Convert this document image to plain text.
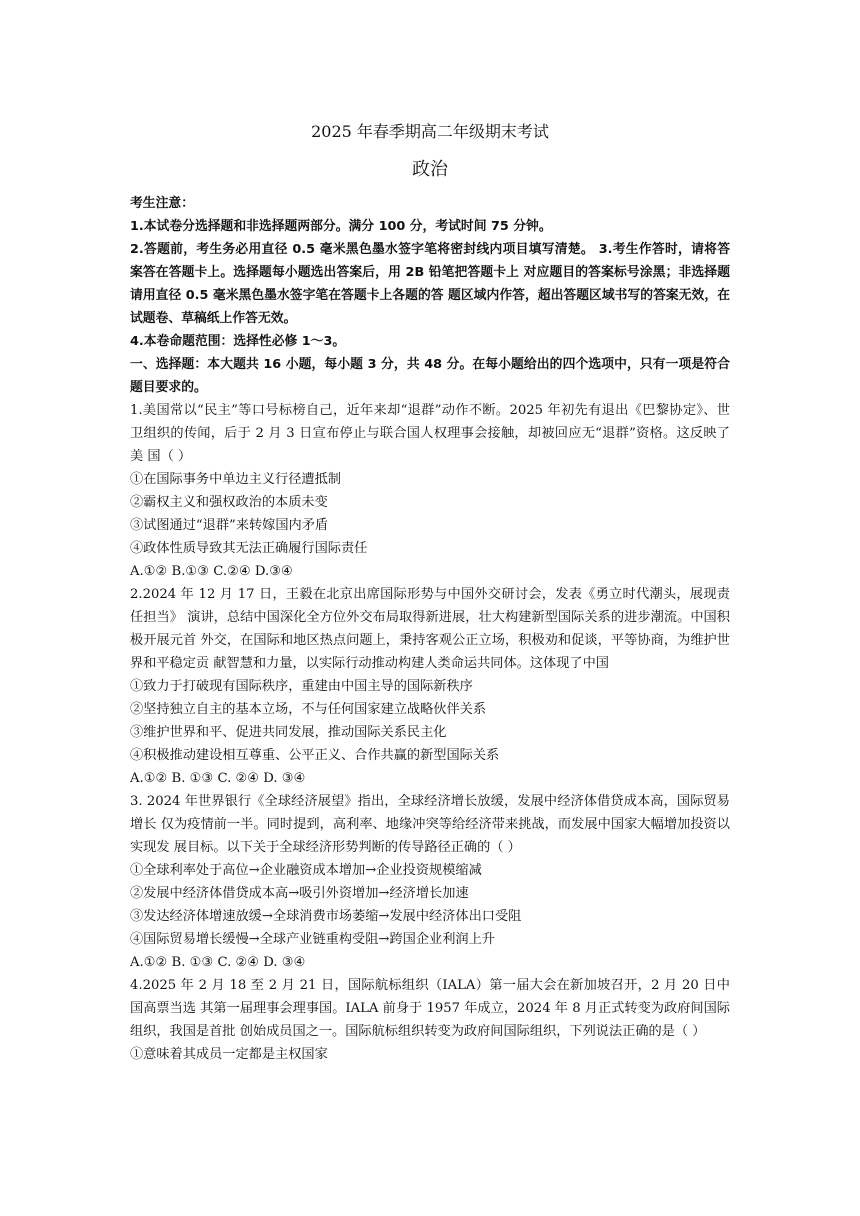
2025 年春季期高二年级期末考试
政治
考生注意：
1.本试卷分选择题和非选择题两部分。满分 100 分，考试时间 75 分钟。
2.答题前，考生务必用直径 0.5 毫米黑色墨水签字笔将密封线内项目填写清楚。 3.考生作答时，请将答案答在答题卡上。选择题每小题选出答案后，用 2B 铅笔把答题卡上 对应题目的答案标号涂黑；非选择题请用直径 0.5 毫米黑色墨水签字笔在答题卡上各题的答 题区域内作答，超出答题区域书写的答案无效，在试题卷、草稿纸上作答无效。
4.本卷命题范围：选择性必修 1～3。
一、选择题：本大题共 16 小题，每小题 3 分，共 48 分。在每小题给出的四个选项中，只有一项是符合题目要求的。
1.美国常以“民主”等口号标榜自己，近年来却“退群”动作不断。2025 年初先有退出《巴黎协定》、世 卫组织的传闻，后于 2 月 3 日宣布停止与联合国人权理事会接触，却被回应无“退群”资格。这反映了美 国（ ）
①在国际事务中单边主义行径遭抵制
②霸权主义和强权政治的本质未变
③试图通过“退群”来转嫁国内矛盾
④政体性质导致其无法正确履行国际责任
A.①② B.①③ C.②④ D.③④
2.2024 年 12 月 17 日，王毅在北京出席国际形势与中国外交研讨会，发表《勇立时代潮头，展现责任担当》 演讲，总结中国深化全方位外交布局取得新进展，壮大构建新型国际关系的进步潮流。中国积极开展元首 外交，在国际和地区热点问题上，秉持客观公正立场，积极劝和促谈，平等协商，为维护世界和平稳定贡 献智慧和力量，以实际行动推动构建人类命运共同体。这体现了中国
①致力于打破现有国际秩序，重建由中国主导的国际新秩序
②坚持独立自主的基本立场，不与任何国家建立战略伙伴关系
③维护世界和平、促进共同发展，推动国际关系民主化
④积极推动建设相互尊重、公平正义、合作共赢的新型国际关系
A.①② B. ①③ C. ②④ D. ③④
3. 2024 年世界银行《全球经济展望》指出，全球经济增长放缓，发展中经济体借贷成本高，国际贸易增长 仅为疫情前一半。同时提到，高利率、地缘冲突等给经济带来挑战，而发展中国家大幅增加投资以实现发 展目标。以下关于全球经济形势判断的传导路径正确的（ ）
①全球利率处于高位→企业融资成本增加→企业投资规模缩减
②发展中经济体借贷成本高→吸引外资增加→经济增长加速
③发达经济体增速放缓→全球消费市场萎缩→发展中经济体出口受阻
④国际贸易增长缓慢→全球产业链重构受阻→跨国企业利润上升
A.①② B. ①③ C. ②④ D. ③④
4.2025 年 2 月 18 至 2 月 21 日，国际航标组织（IALA）第一届大会在新加坡召开，2 月 20 日中国高票当选 其第一届理事会理事国。IALA 前身于 1957 年成立，2024 年 8 月正式转变为政府间国际组织，我国是首批 创始成员国之一。国际航标组织转变为政府间国际组织，下列说法正确的是（ ）
①意味着其成员一定都是主权国家
